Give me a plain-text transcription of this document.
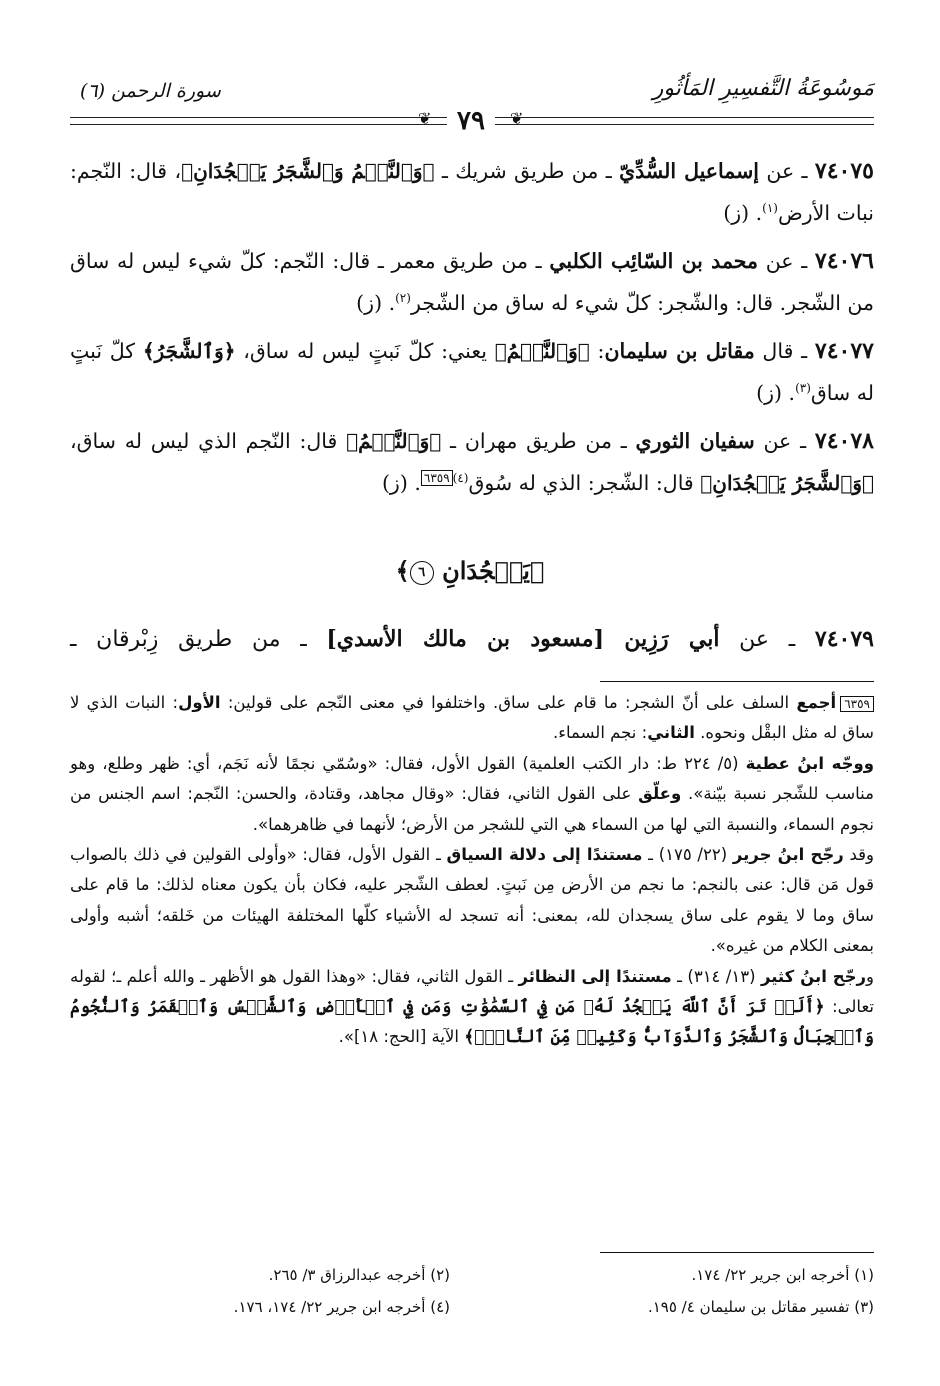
مَوسُوعَةُ التَّفسِيرِ المَأثُورِ
سورة الرحمن (٦)
❦	❦
٧٩
٧٤٠٧٥ ـ عن إسماعيل السُّدِّيّ ـ من طريق شريك ـ ﴿وَٱلنَّجۡمُ وَٱلشَّجَرُ يَسۡجُدَانِ﴾، قال: النّجم: نبات الأرض$^{(١)}$. (ز)
٧٤٠٧٦ ـ عن محمد بن السّائِب الكلبي ـ من طريق معمر ـ قال: النّجم: كلّ شيء ليس له ساق من الشّجر. قال: والشّجر: كلّ شيء له ساق من الشّجر$^{(٢)}$. (ز)
٧٤٠٧٧ ـ قال مقاتل بن سليمان: ﴿وَٱلنَّجۡمُ﴾ يعني: كلّ نَبتٍ ليس له ساق، ﴿وَٱلشَّجَرُ﴾ كلّ نَبتٍ له ساق$^{(٣)}$. (ز)
٧٤٠٧٨ ـ عن سفيان الثوري ـ من طريق مهران ـ ﴿وَٱلنَّجۡمُ﴾ قال: النّجم الذي ليس له ساق، ﴿وَٱلشَّجَرُ يَسۡجُدَانِ﴾ قال: الشّجر: الذي له سُوق$^{(٤)}$٦٣٥٩. (ز)
﴿يَسۡجُدَانِ ٦﴾
٧٤٠٧٩ ـ عن أبي رَزِين [مسعود بن مالك الأسدي] ـ من طريق زِبْرقان ـ

٦٣٥٩أجمع السلف على أنّ الشجر: ما قام على ساق. واختلفوا في معنى النّجم على قولين: الأول: النبات الذي لا ساق له مثل البقْل ونحوه. الثاني: نجم السماء.

ووجّه ابنُ عطية (٥/ ٢٢٤ ط: دار الكتب العلمية) القول الأول، فقال: «وسُمّي نجمًا لأنه نَجَم، أي: ظهر وطلع، وهو مناسب للشّجر نسبة بيّنة». وعلّق على القول الثاني، فقال: «وقال مجاهد، وقتادة، والحسن: النّجم: اسم الجنس من نجوم السماء، والنسبة التي لها من السماء هي التي للشجر من الأرض؛ لأنهما في ظاهرهما».

وقد رجّح ابنُ جرير (٢٢/ ١٧٥) ـ مستندًا إلى دلالة السياق ـ القول الأول، فقال: «وأولى القولين في ذلك بالصواب قول مَن قال: عنى بالنجم: ما نجم من الأرض مِن نَبتٍ. لعطف الشّجر عليه، فكان بأن يكون معناه لذلك: ما قام على ساق وما لا يقوم على ساق يسجدان لله، بمعنى: أنه تسجد له الأشياء كلّها المختلفة الهيئات من خَلقه؛ أشبه وأولى بمعنى الكلام من غيره».

ورجّح ابنُ كثير (١٣/ ٣١٤) ـ مستندًا إلى النظائر ـ القول الثاني، فقال: «وهذا القول هو الأظهر ـ والله أعلم ـ؛ لقوله تعالى: ﴿أَلَمۡ تَرَ أَنَّ ٱللَّهَ يَسۡجُدُ لَهُۥ مَن فِي ٱلسَّمَٰوَٰتِ وَمَن فِي ٱلۡأَرۡضِ وَٱلشَّمۡسُ وَٱلۡقَمَرُ وَٱلنُّجُومُ وَٱلۡجِبَالُ وَٱلشَّجَرُ وَٱلدَّوَآبُّ وَكَثِيرٞ مِّنَ ٱلنَّاسِۖ﴾ الآية [الحج: ١٨]».

(١) أخرجه ابن جرير ٢٢/ ١٧٤.
(٢) أخرجه عبدالرزاق ٣/ ٢٦٥.
(٣) تفسير مقاتل بن سليمان ٤/ ١٩٥.
(٤) أخرجه ابن جرير ٢٢/ ١٧٤، ١٧٦.
